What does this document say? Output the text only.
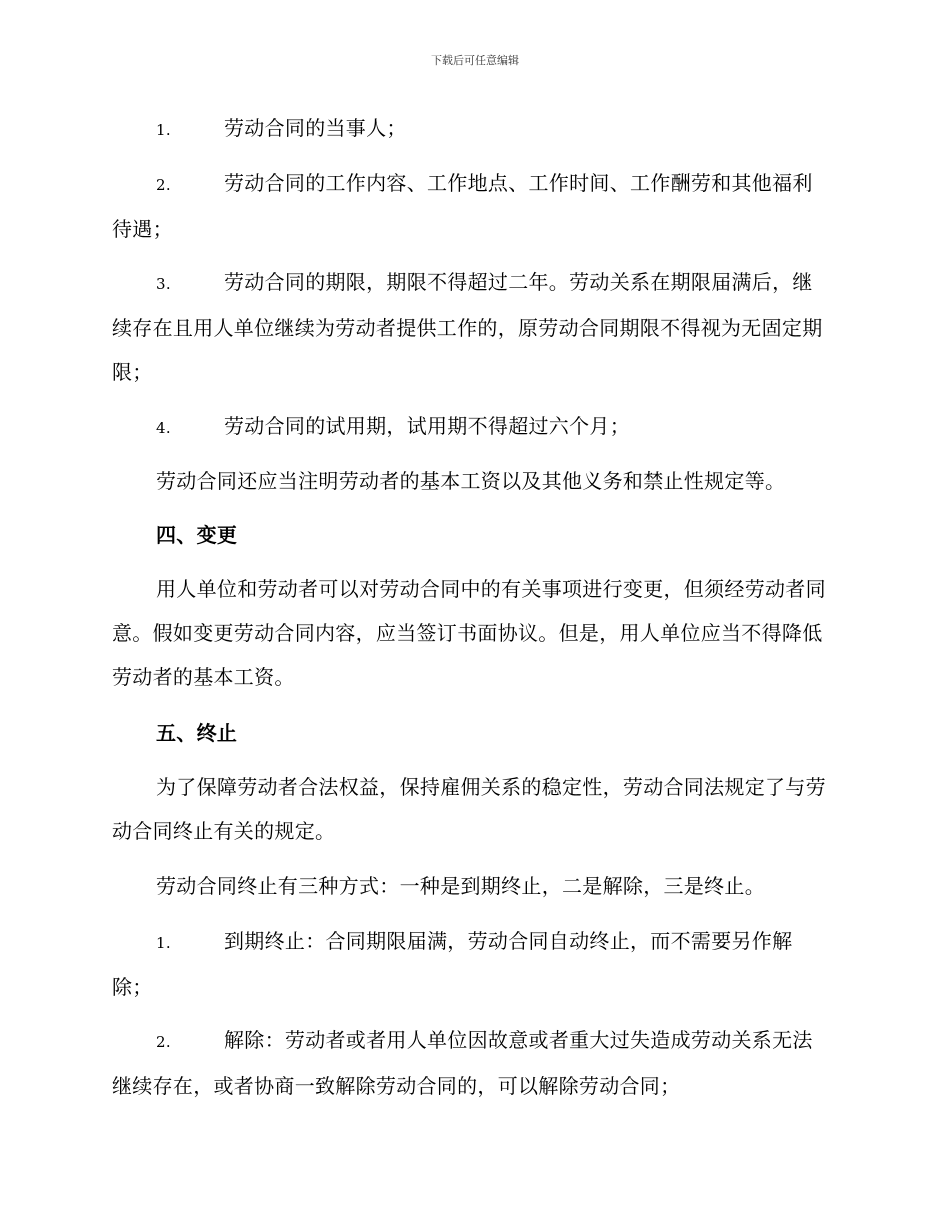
下载后可任意编辑

1.	劳动合同的当事人；

2.	劳动合同的工作内容、工作地点、工作时间、工作酬劳和其他福利待遇；

3.	劳动合同的期限，期限不得超过二年。劳动关系在期限届满后，继续存在且用人单位继续为劳动者提供工作的，原劳动合同期限不得视为无固定期限；

4.	劳动合同的试用期，试用期不得超过六个月；

劳动合同还应当注明劳动者的基本工资以及其他义务和禁止性规定等。

四、变更

用人单位和劳动者可以对劳动合同中的有关事项进行变更，但须经劳动者同意。假如变更劳动合同内容，应当签订书面协议。但是，用人单位应当不得降低劳动者的基本工资。

五、终止

为了保障劳动者合法权益，保持雇佣关系的稳定性，劳动合同法规定了与劳动合同终止有关的规定。

劳动合同终止有三种方式：一种是到期终止，二是解除，三是终止。

1.	到期终止：合同期限届满，劳动合同自动终止，而不需要另作解除；

2.	解除：劳动者或者用人单位因故意或者重大过失造成劳动关系无法继续存在，或者协商一致解除劳动合同的，可以解除劳动合同；
